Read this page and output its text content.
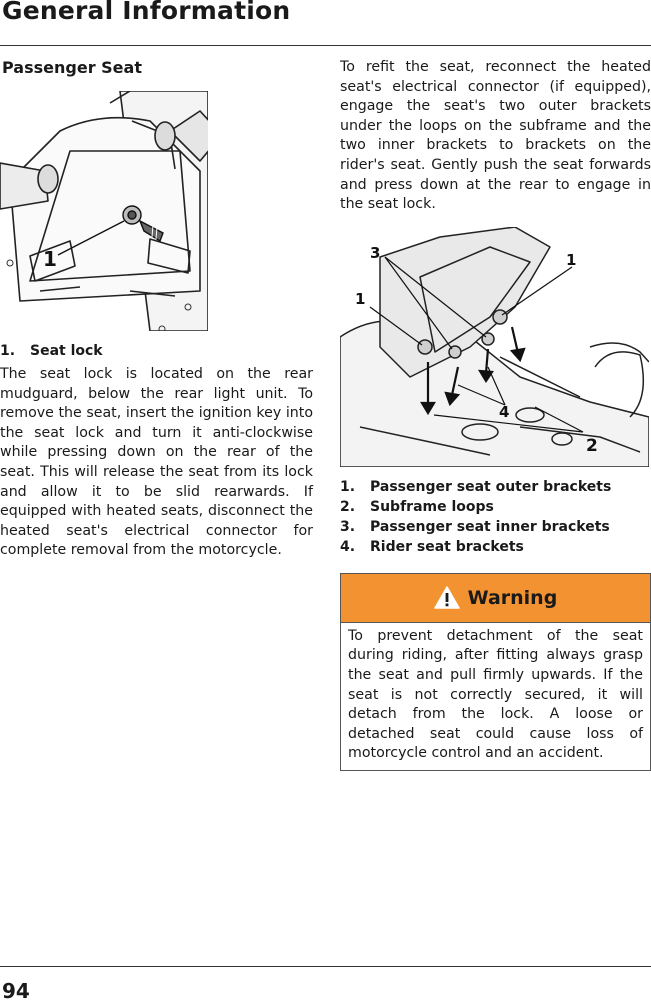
General Information
Passenger Seat
1
1.	Seat lock

The seat lock is located on the rear mudguard, below the rear light unit. To remove the seat, insert the ignition key into the seat lock and turn it anti-clockwise while pressing down on the rear of the seat. This will release the seat from its lock and allow it to be slid rearwards. If equipped with heated seats, disconnect the heated seat's electrical connector for complete removal from the motorcycle.

To refit the seat, reconnect the heated seat's electrical connector (if equipped), engage the seat's two outer brackets under the loops on the subframe and the two inner brackets to brackets on the rider's seat. Gently push the seat forwards and press down at the rear to engage in the seat lock.

3
1
1
4
2
1.	Passenger seat outer brackets
2.	Subframe loops
3.	Passenger seat inner brackets
4.	Rider seat brackets
Warning

To prevent detachment of the seat during riding, after fitting always grasp the seat and pull firmly upwards. If the seat is not correctly secured, it will detach from the lock. A loose or detached seat could cause loss of motorcycle control and an accident.

94
